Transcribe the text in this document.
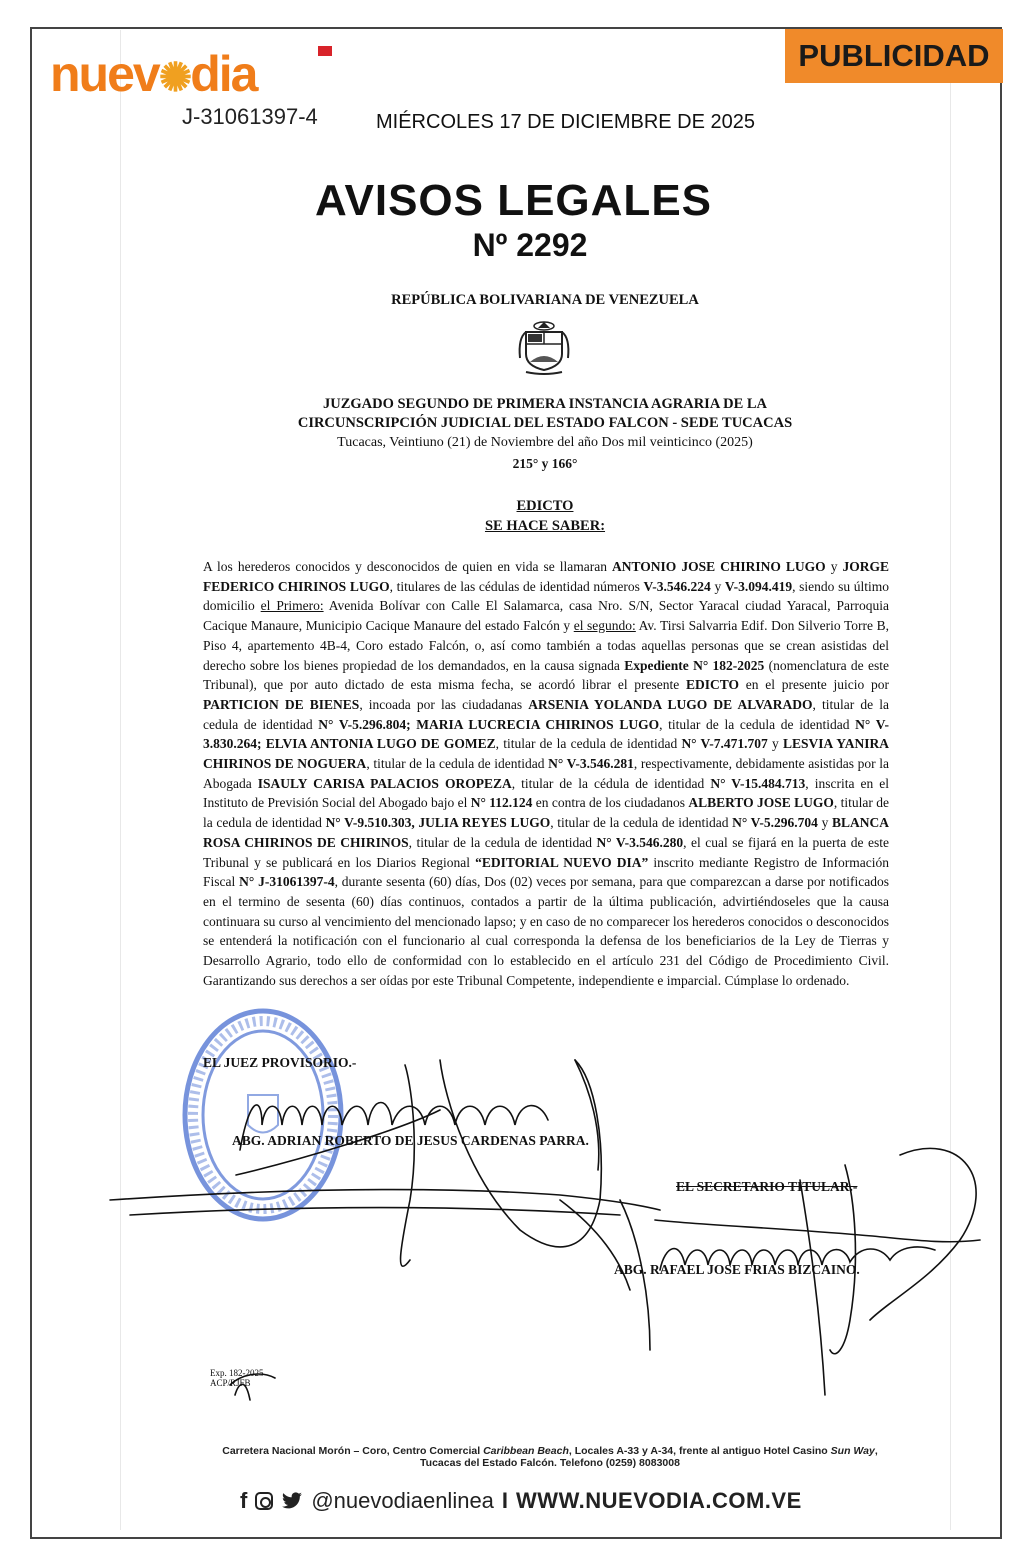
nuev✺dia
J-31061397-4
PUBLICIDAD
MIÉRCOLES 17 DE DICIEMBRE DE 2025
AVISOS LEGALES
Nº 2292
REPÚBLICA BOLIVARIANA DE VENEZUELA
JUZGADO SEGUNDO DE PRIMERA INSTANCIA AGRARIA DE LA
CIRCUNSCRIPCIÓN JUDICIAL DEL ESTADO FALCON - SEDE TUCACAS
Tucacas, Veintiuno (21) de Noviembre del año Dos mil veinticinco (2025)
215° y 166°
EDICTO
SE HACE SABER:
A los herederos conocidos y desconocidos de quien en vida se llamaran ANTONIO JOSE CHIRINO LUGO y JORGE FEDERICO CHIRINOS LUGO, titulares de las cédulas de identidad números V-3.546.224 y V-3.094.419, siendo su último domicilio el Primero: Avenida Bolívar con Calle El Salamarca, casa Nro. S/N, Sector Yaracal ciudad Yaracal, Parroquia Cacique Manaure, Municipio Cacique Manaure del estado Falcón y el segundo: Av. Tirsi Salvarria Edif. Don Silverio Torre B, Piso 4, apartemento 4B-4, Coro estado Falcón, o, así como también a todas aquellas personas que se crean asistidas del derecho sobre los bienes propiedad de los demandados, en la causa signada Expediente N° 182-2025 (nomenclatura de este Tribunal), que por auto dictado de esta misma fecha, se acordó librar el presente EDICTO en el presente juicio por PARTICION DE BIENES, incoada por las ciudadanas ARSENIA YOLANDA LUGO DE ALVARADO, titular de la cedula de identidad N° V-5.296.804; MARIA LUCRECIA CHIRINOS LUGO, titular de la cedula de identidad N° V-3.830.264; ELVIA ANTONIA LUGO DE GOMEZ, titular de la cedula de identidad N° V-7.471.707 y LESVIA YANIRA CHIRINOS DE NOGUERA, titular de la cedula de identidad N° V-3.546.281, respectivamente, debidamente asistidas por la Abogada ISAULY CARISA PALACIOS OROPEZA, titular de la cédula de identidad N° V-15.484.713, inscrita en el Instituto de Previsión Social del Abogado bajo el N° 112.124 en contra de los ciudadanos ALBERTO JOSE LUGO, titular de la cedula de identidad N° V-9.510.303, JULIA REYES LUGO, titular de la cedula de identidad N° V-5.296.704 y BLANCA ROSA CHIRINOS DE CHIRINOS, titular de la cedula de identidad N° V-3.546.280, el cual se fijará en la puerta de este Tribunal y se publicará en los Diarios Regional “EDITORIAL NUEVO DIA” inscrito mediante Registro de Información Fiscal N° J-31061397-4, durante sesenta (60) días, Dos (02) veces por semana, para que comparezcan a darse por notificados en el termino de sesenta (60) días continuos, contados a partir de la última publicación, advirtiéndoseles que la causa continuara su curso al vencimiento del mencionado lapso; y en caso de no comparecer los herederos conocidos o desconocidos se entenderá la notificación con el funcionario al cual corresponda la defensa de los beneficiarios de la Ley de Tierras y Desarrollo Agrario, todo ello de conformidad con lo establecido en el artículo 231 del Código de Procedimiento Civil. Garantizando sus derechos a ser oídas por este Tribunal Competente, independiente e imparcial. Cúmplase lo ordenado.
EL JUEZ PROVISORIO.-
ABG. ADRIAN ROBERTO DE JESUS CARDENAS PARRA.
EL SECRETARIO TITULAR.-
ABG. RAFAEL JOSE FRIAS BIZCAINO.
Exp. 182-2025
ACP/RJFB
Carretera Nacional Morón – Coro, Centro Comercial Caribbean Beach, Locales A-33 y A-34, frente al antiguo Hotel Casino Sun Way, Tucacas del Estado Falcón. Telefono (0259) 8083008
f	@nuevodiaenlinea I WWW.NUEVODIA.COM.VE
